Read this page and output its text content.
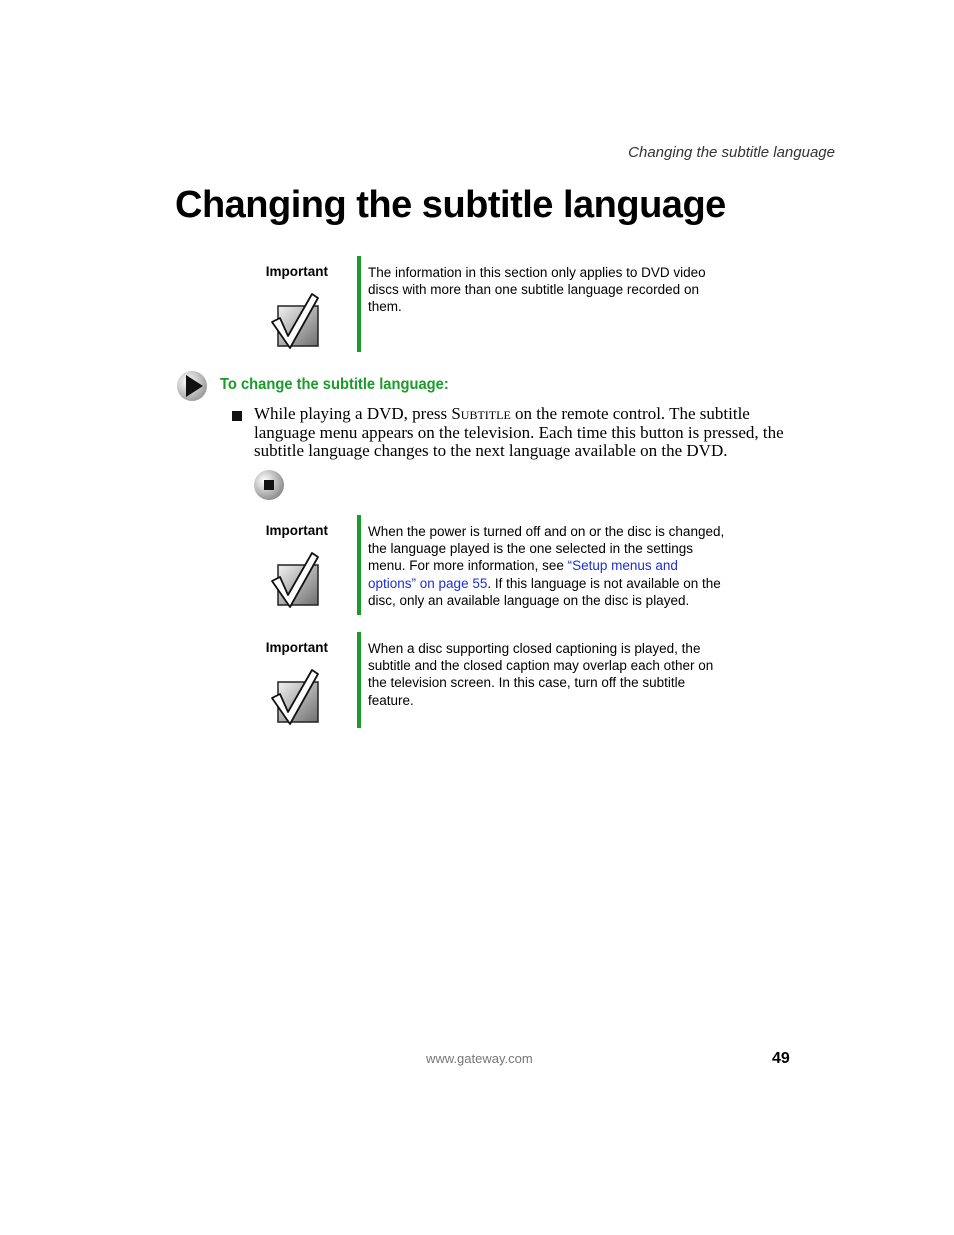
Changing the subtitle language
Changing the subtitle language
Important	The information in this section only applies to DVD video discs with more than one subtitle language recorded on them.
To change the subtitle language:
While playing a DVD, press Subtitle on the remote control. The subtitle language menu appears on the television. Each time this button is pressed, the subtitle language changes to the next language available on the DVD.
Important	When the power is turned off and on or the disc is changed, the language played is the one selected in the settings menu. For more information, see “Setup menus and options” on page 55. If this language is not available on the disc, only an available language on the disc is played.
Important	When a disc supporting closed captioning is played, the subtitle and the closed caption may overlap each other on the television screen. In this case, turn off the subtitle feature.
www.gateway.com	49
